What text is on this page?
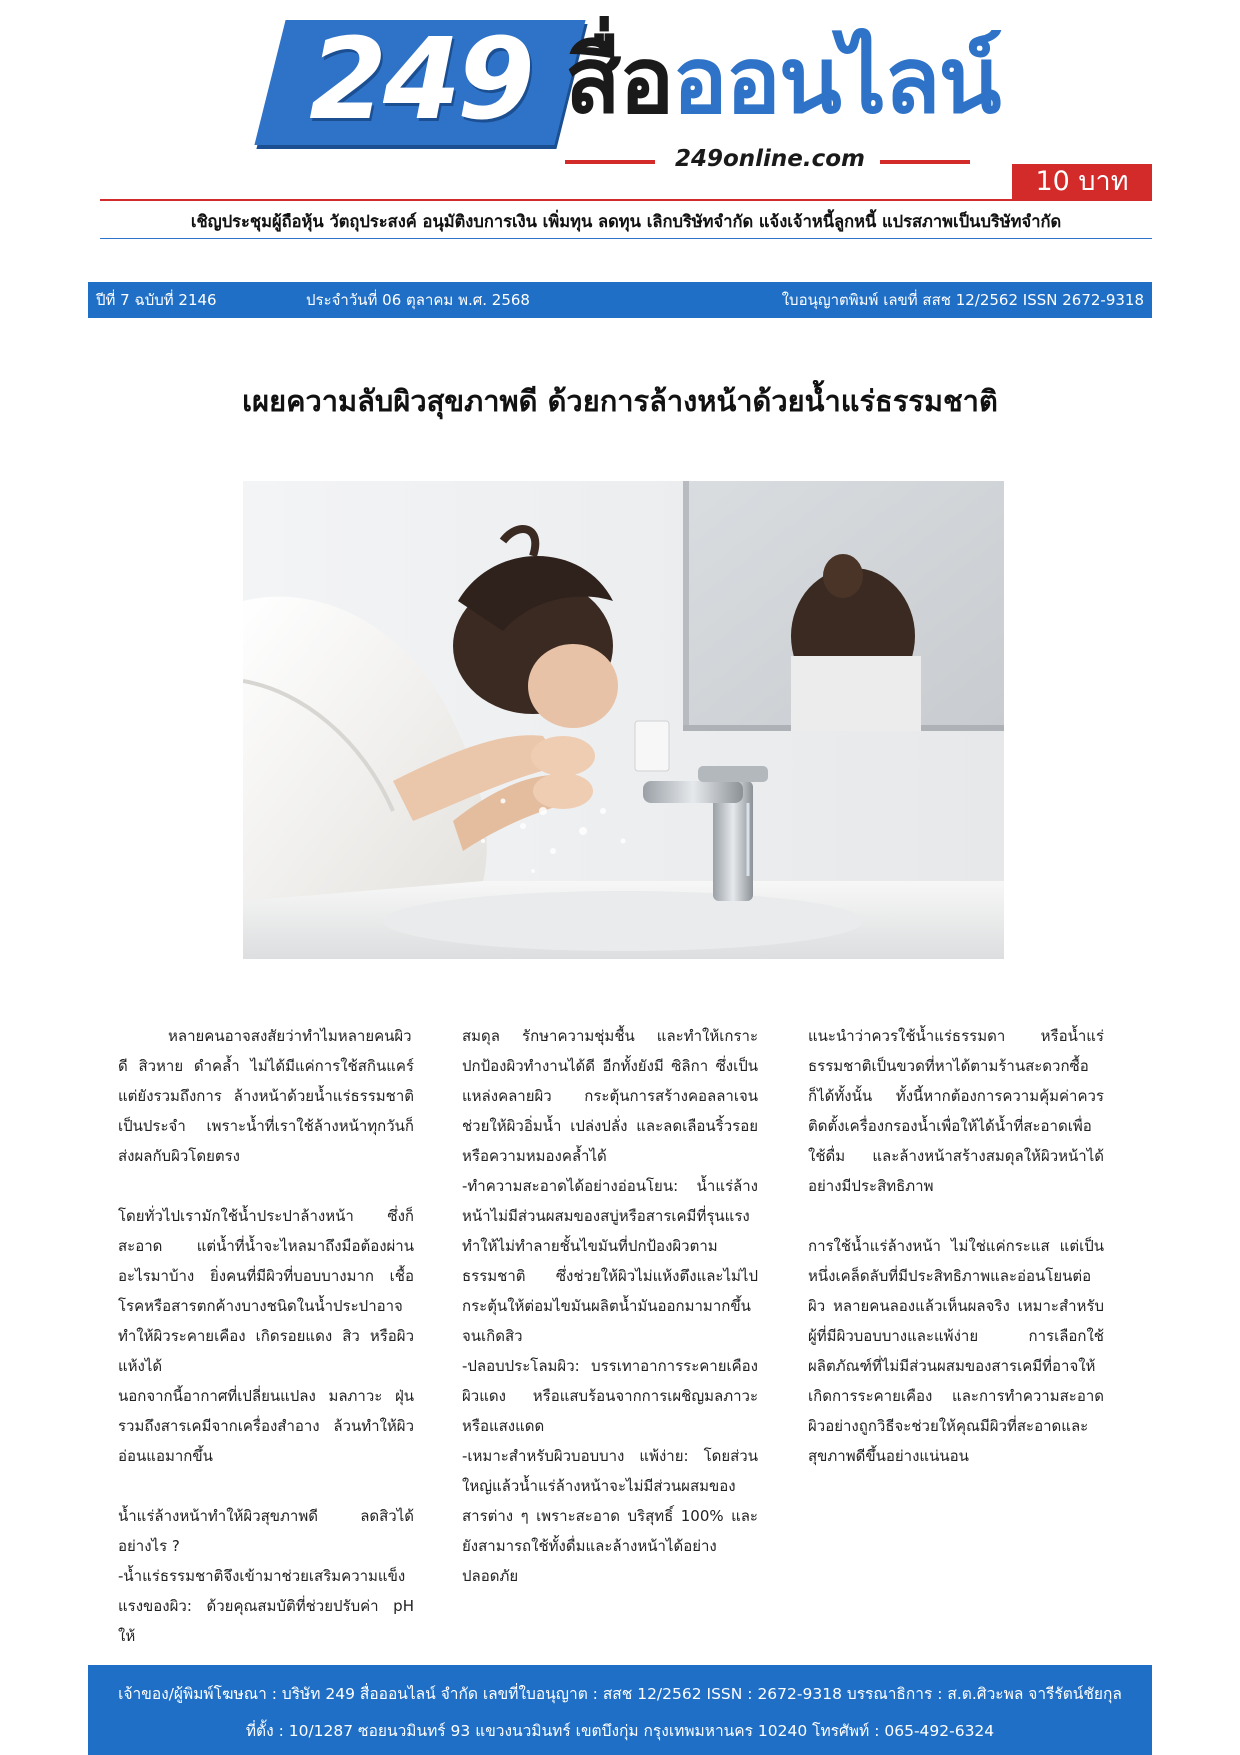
249 สื่อออนไลน์
249online.com
10 บาท
เชิญประชุมผู้ถือหุ้น วัตถุประสงค์ อนุมัติงบการเงิน เพิ่มทุน ลดทุน เลิกบริษัทจำกัด แจ้งเจ้าหนี้ลูกหนี้ แปรสภาพเป็นบริษัทจำกัด
ปีที่ 7 ฉบับที่ 2146	ประจำวันที่ 06 ตุลาคม พ.ศ. 2568	ใบอนุญาตพิมพ์ เลขที่ สสช 12/2562 ISSN 2672-9318
เผยความลับผิวสุขภาพดี ด้วยการล้างหน้าด้วยน้ำแร่ธรรมชาติ

หลายคนอาจสงสัยว่าทำไมหลายคนผิวดี สิวหาย ดำคล้ำ ไม่ได้มีแค่การใช้สกินแคร์ แต่ยังรวมถึงการ ล้างหน้าด้วยน้ำแร่ธรรมชาติเป็นประจำ เพราะน้ำที่เราใช้ล้างหน้าทุกวันก็ส่งผลกับผิวโดยตรง

โดยทั่วไปเรามักใช้น้ำประปาล้างหน้า ซึ่งก็สะอาด แต่น้ำที่น้ำจะไหลมาถึงมือต้องผ่านอะไรมาบ้าง ยิ่งคนที่มีผิวที่บอบบางมาก เชื้อโรคหรือสารตกค้างบางชนิดในน้ำประปาอาจทำให้ผิวระคายเคือง เกิดรอยแดง สิว หรือผิวแห้งได้

นอกจากนี้อากาศที่เปลี่ยนแปลง มลภาวะ ฝุ่น รวมถึงสารเคมีจากเครื่องสำอาง ล้วนทำให้ผิวอ่อนแอมากขึ้น

น้ำแร่ล้างหน้าทำให้ผิวสุขภาพดี ลดสิวได้อย่างไร ?

-น้ำแร่ธรรมชาติจึงเข้ามาช่วยเสริมความแข็งแรงของผิว: ด้วยคุณสมบัติที่ช่วยปรับค่า pH ให้

สมดุล รักษาความชุ่มชื้น และทำให้เกราะปกป้องผิวทำงานได้ดี อีกทั้งยังมี ซิลิกา ซึ่งเป็นแหล่งคลายผิว กระตุ้นการสร้างคอลลาเจน ช่วยให้ผิวอิ่มน้ำ เปล่งปลั่ง และลดเลือนริ้วรอยหรือความหมองคล้ำได้

-ทำความสะอาดได้อย่างอ่อนโยน: น้ำแร่ล้างหน้าไม่มีส่วนผสมของสบู่หรือสารเคมีที่รุนแรง ทำให้ไม่ทำลายชั้นไขมันที่ปกป้องผิวตามธรรมชาติ ซึ่งช่วยให้ผิวไม่แห้งตึงและไม่ไปกระตุ้นให้ต่อมไขมันผลิตน้ำมันออกมามากขึ้นจนเกิดสิว

-ปลอบประโลมผิว: บรรเทาอาการระคายเคือง ผิวแดง หรือแสบร้อนจากการเผชิญมลภาวะหรือแสงแดด

-เหมาะสำหรับผิวบอบบาง แพ้ง่าย: โดยส่วนใหญ่แล้วน้ำแร่ล้างหน้าจะไม่มีส่วนผสมของสารต่าง ๆ เพราะสะอาด บริสุทธิ์ 100% และยังสามารถใช้ทั้งดื่มและล้างหน้าได้อย่างปลอดภัย

แนะนำว่าควรใช้น้ำแร่ธรรมดา หรือน้ำแร่ธรรมชาติเป็นขวดที่หาได้ตามร้านสะดวกซื้อก็ได้ทั้งนั้น ทั้งนี้หากต้องการความคุ้มค่าควรติดตั้งเครื่องกรองน้ำเพื่อให้ได้น้ำที่สะอาดเพื่อใช้ดื่ม และล้างหน้าสร้างสมดุลให้ผิวหน้าได้อย่างมีประสิทธิภาพ

การใช้น้ำแร่ล้างหน้า ไม่ใช่แค่กระแส แต่เป็นหนึ่งเคล็ดลับที่มีประสิทธิภาพและอ่อนโยนต่อผิว หลายคนลองแล้วเห็นผลจริง เหมาะสำหรับผู้ที่มีผิวบอบบางและแพ้ง่าย การเลือกใช้ผลิตภัณฑ์ที่ไม่มีส่วนผสมของสารเคมีที่อาจให้เกิดการระคายเคือง และการทำความสะอาดผิวอย่างถูกวิธีจะช่วยให้คุณมีผิวที่สะอาดและสุขภาพดีขึ้นอย่างแน่นอน

เจ้าของ/ผู้พิมพ์โฆษณา : บริษัท 249 สื่อออนไลน์ จำกัด เลขที่ใบอนุญาต : สสช 12/2562 ISSN : 2672-9318 บรรณาธิการ : ส.ต.ศิวะพล จารีรัตน์ชัยกุล
ที่ตั้ง : 10/1287 ซอยนวมินทร์ 93 แขวงนวมินทร์ เขตบึงกุ่ม กรุงเทพมหานคร 10240 โทรศัพท์ : 065-492-6324
